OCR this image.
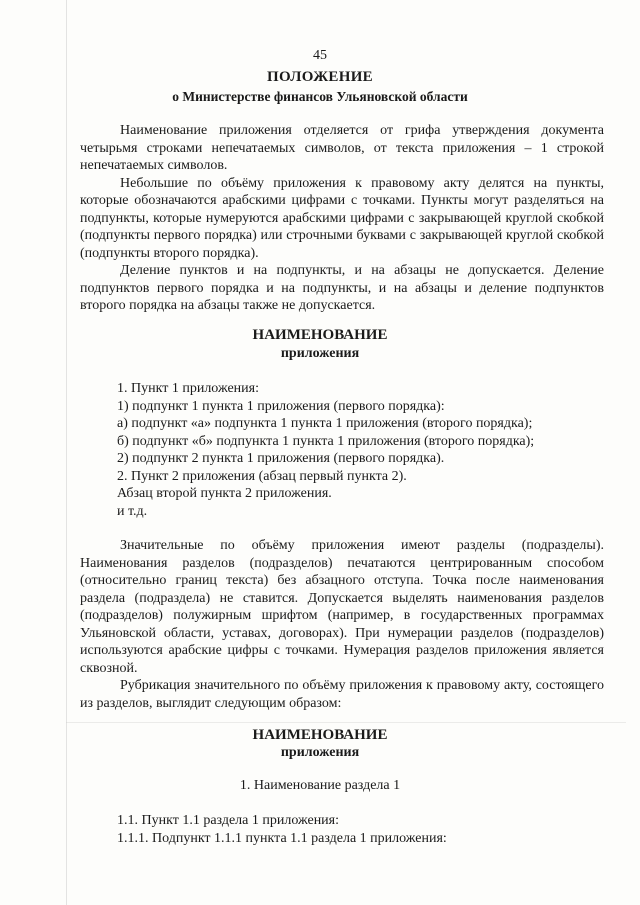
45
ПОЛОЖЕНИЕ
о Министерстве финансов Ульяновской области

Наименование приложения отделяется от грифа утверждения документа четырьмя строками непечатаемых символов, от текста приложения – 1 строкой непечатаемых символов.

Небольшие по объёму приложения к правовому акту делятся на пункты, которые обозначаются арабскими цифрами с точками. Пункты могут разделяться на подпункты, которые нумеруются арабскими цифрами с закрывающей круглой скобкой (подпункты первого порядка) или строчными буквами с закрывающей круглой скобкой (подпункты второго порядка).

Деление пунктов и на подпункты, и на абзацы не допускается. Деление подпунктов первого порядка и на подпункты, и на абзацы и деление подпунктов второго порядка на абзацы также не допускается.

НАИМЕНОВАНИЕ
приложения
1. Пункт 1 приложения:
1) подпункт 1 пункта 1 приложения (первого порядка):
а) подпункт «а» подпункта 1 пункта 1 приложения (второго порядка);
б) подпункт «б» подпункта 1 пункта 1 приложения (второго порядка);
2) подпункт 2 пункта 1 приложения (первого порядка).
2. Пункт 2 приложения (абзац первый пункта 2).
Абзац второй пункта 2 приложения.
и т.д.

Значительные по объёму приложения имеют разделы (подразделы). Наименования разделов (подразделов) печатаются центрированным способом (относительно границ текста) без абзацного отступа. Точка после наименования раздела (подраздела) не ставится. Допускается выделять наименования разделов (подразделов) полужирным шрифтом (например, в государственных программах Ульяновской области, уставах, договорах). При нумерации разделов (подразделов) используются арабские цифры с точками. Нумерация разделов приложения является сквозной.

Рубрикация значительного по объёму приложения к правовому акту, состоящего из разделов, выглядит следующим образом:

НАИМЕНОВАНИЕ
приложения
1. Наименование раздела 1
1.1. Пункт 1.1 раздела 1 приложения:
1.1.1. Подпункт 1.1.1 пункта 1.1 раздела 1 приложения:
